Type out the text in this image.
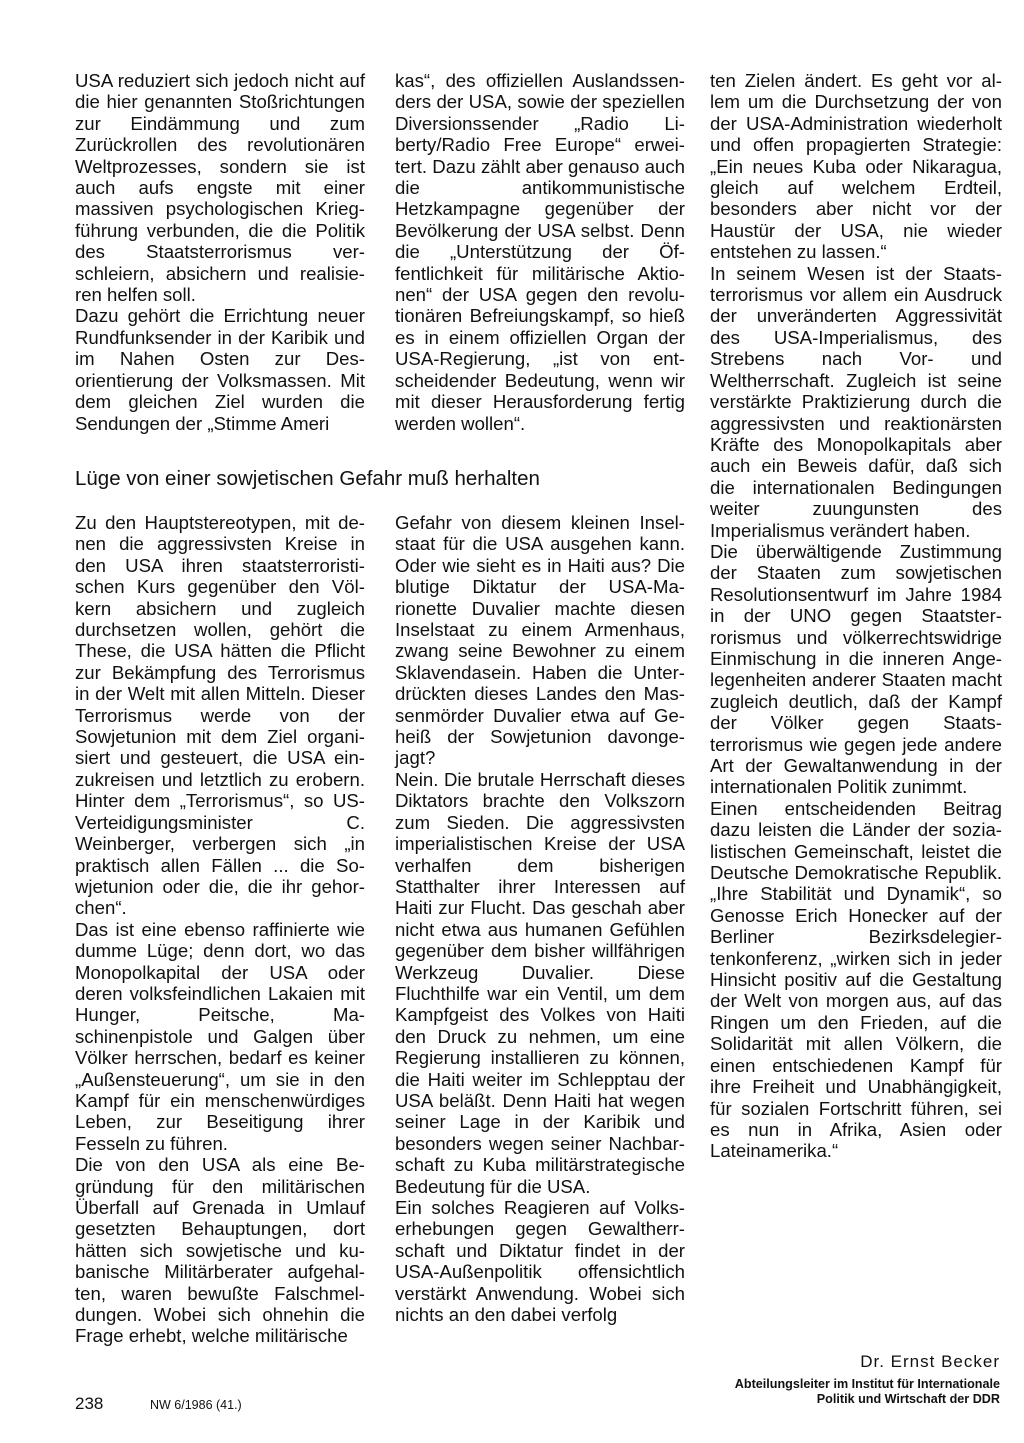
USA reduziert sich jedoch nicht auf die hier genannten Stoßrichtungen zur Eindämmung und zum Zurückrollen des revolutionären Weltprozesses, sondern sie ist auch aufs engste mit einer massiven psychologischen Kriegführung verbunden, die die Politik des Staatsterrorismus verschleiern, absichern und realisieren helfen soll.

Dazu gehört die Errichtung neuer Rundfunksender in der Karibik und im Nahen Osten zur Desorientierung der Volksmassen. Mit dem gleichen Ziel wurden die Sendungen der „Stimme Ameri

kas“, des offiziellen Auslandssenders der USA, sowie der speziellen Diversionssender „Radio Liberty/Radio Free Europe“ erweitert. Dazu zählt aber genauso auch die antikommunistische Hetzkampagne gegenüber der Bevölkerung der USA selbst. Denn die „Unterstützung der Öffentlichkeit für militärische Aktionen“ der USA gegen den revolutionären Befreiungskampf, so hieß es in einem offiziellen Organ der USA-Regierung, „ist von entscheidender Bedeutung, wenn wir mit dieser Herausforderung fertig werden wollen“.

Lüge von einer sowjetischen Gefahr muß herhalten

Zu den Hauptstereotypen, mit denen die aggressivsten Kreise in den USA ihren staatsterroristischen Kurs gegenüber den Völkern absichern und zugleich durchsetzen wollen, gehört die These, die USA hätten die Pflicht zur Bekämpfung des Terrorismus in der Welt mit allen Mitteln. Dieser Terrorismus werde von der Sowjetunion mit dem Ziel organisiert und gesteuert, die USA einzukreisen und letztlich zu erobern. Hinter dem „Terrorismus“, so US-Verteidigungsminister C. Weinberger, verbergen sich „in praktisch allen Fällen ... die Sowjetunion oder die, die ihr gehorchen“.

Das ist eine ebenso raffinierte wie dumme Lüge; denn dort, wo das Monopolkapital der USA oder deren volksfeindlichen Lakaien mit Hunger, Peitsche, Maschinenpistole und Galgen über Völker herrschen, bedarf es keiner „Außensteuerung“, um sie in den Kampf für ein menschenwürdiges Leben, zur Beseitigung ihrer Fesseln zu führen.

Die von den USA als eine Begründung für den militärischen Überfall auf Grenada in Umlauf gesetzten Behauptungen, dort hätten sich sowjetische und kubanische Militärberater aufgehalten, waren bewußte Falschmeldungen. Wobei sich ohnehin die Frage erhebt, welche militärische

Gefahr von diesem kleinen Inselstaat für die USA ausgehen kann. Oder wie sieht es in Haiti aus? Die blutige Diktatur der USA-Marionette Duvalier machte diesen Inselstaat zu einem Armenhaus, zwang seine Bewohner zu einem Sklavendasein. Haben die Unterdrückten dieses Landes den Massenmörder Duvalier etwa auf Geheiß der Sowjetunion davongejagt?

Nein. Die brutale Herrschaft dieses Diktators brachte den Volkszorn zum Sieden. Die aggressivsten imperialistischen Kreise der USA verhalfen dem bisherigen Statthalter ihrer Interessen auf Haiti zur Flucht. Das geschah aber nicht etwa aus humanen Gefühlen gegenüber dem bisher willfährigen Werkzeug Duvalier. Diese Fluchthilfe war ein Ventil, um dem Kampfgeist des Volkes von Haiti den Druck zu nehmen, um eine Regierung installieren zu können, die Haiti weiter im Schlepptau der USA beläßt. Denn Haiti hat wegen seiner Lage in der Karibik und besonders wegen seiner Nachbarschaft zu Kuba militärstrategische Bedeutung für die USA.

Ein solches Reagieren auf Volkserhebungen gegen Gewaltherrschaft und Diktatur findet in der USA-Außenpolitik offensichtlich verstärkt Anwendung. Wobei sich nichts an den dabei verfolg

ten Zielen ändert. Es geht vor allem um die Durchsetzung der von der USA-Administration wiederholt und offen propagierten Strategie: „Ein neues Kuba oder Nikaragua, gleich auf welchem Erdteil, besonders aber nicht vor der Haustür der USA, nie wieder entstehen zu lassen.“

In seinem Wesen ist der Staatsterrorismus vor allem ein Ausdruck der unveränderten Aggressivität des USA-Imperialismus, des Strebens nach Vor- und Weltherrschaft. Zugleich ist seine verstärkte Praktizierung durch die aggressivsten und reaktionärsten Kräfte des Monopolkapitals aber auch ein Beweis dafür, daß sich die internationalen Bedingungen weiter zuungunsten des Imperialismus verändert haben.

Die überwältigende Zustimmung der Staaten zum sowjetischen Resolutionsentwurf im Jahre 1984 in der UNO gegen Staatsterrorismus und völkerrechtswidrige Einmischung in die inneren Angelegenheiten anderer Staaten macht zugleich deutlich, daß der Kampf der Völker gegen Staatsterrorismus wie gegen jede andere Art der Gewaltanwendung in der internationalen Politik zunimmt.

Einen entscheidenden Beitrag dazu leisten die Länder der sozialistischen Gemeinschaft, leistet die Deutsche Demokratische Republik. „Ihre Stabilität und Dynamik“, so Genosse Erich Honecker auf der Berliner Bezirksdelegiertenkonferenz, „wirken sich in jeder Hinsicht positiv auf die Gestaltung der Welt von morgen aus, auf das Ringen um den Frieden, auf die Solidarität mit allen Völkern, die einen entschiedenen Kampf für ihre Freiheit und Unabhängigkeit, für sozialen Fortschritt führen, sei es nun in Afrika, Asien oder Lateinamerika.“

Dr. Ernst Becker
Abteilungsleiter im Institut für Internationale Politik und Wirtschaft der DDR
238	NW 6/1986 (41.)
